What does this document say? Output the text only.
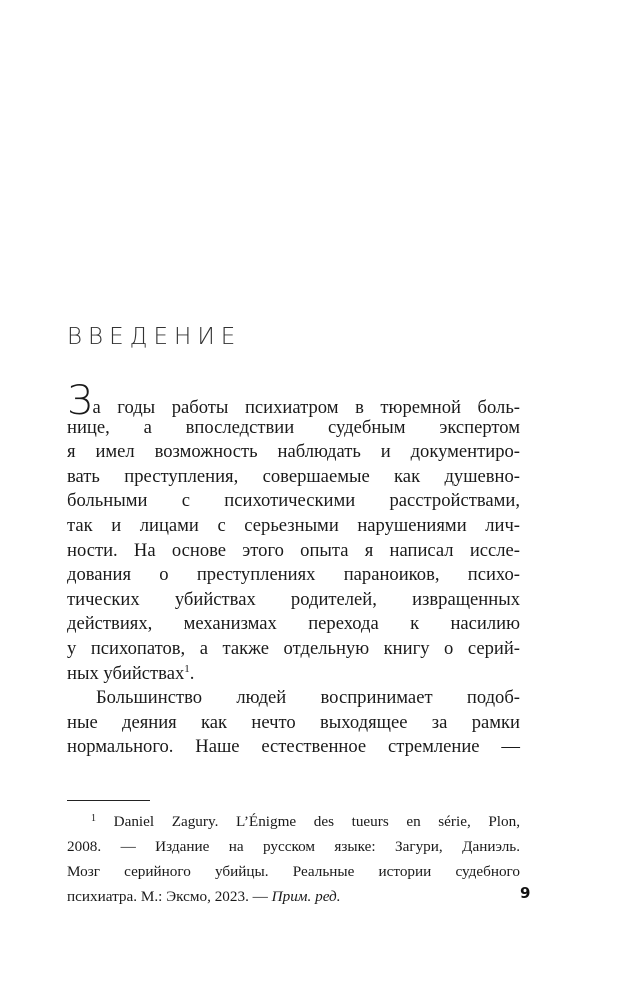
ВВЕДЕНИЕ
За годы работы психиатром в тюремной боль-
нице, а впоследствии судебным экспертом
я имел возможность наблюдать и документиро-
вать преступления, совершаемые как душевно-
больными с психотическими расстройствами,
так и лицами с серьезными нарушениями лич-
ности. На основе этого опыта я написал иссле-
дования о преступлениях параноиков, психо-
тических убийствах родителей, извращенных
действиях, механизмах перехода к насилию
у психопатов, а также отдельную книгу о серий-
ных убийствах$^1$.
Большинство людей воспринимает подоб-
ные деяния как нечто выходящее за рамки
нормального. Наше естественное стремление —
$^1$ Daniel Zagury. L’Énigme des tueurs en série, Plon,
2008. — Издание на русском языке: Загури, Даниэль.
Мозг серийного убийцы. Реальные истории судебного
психиатра. М.: Эксмо, 2023. — Прим. ред.	9
